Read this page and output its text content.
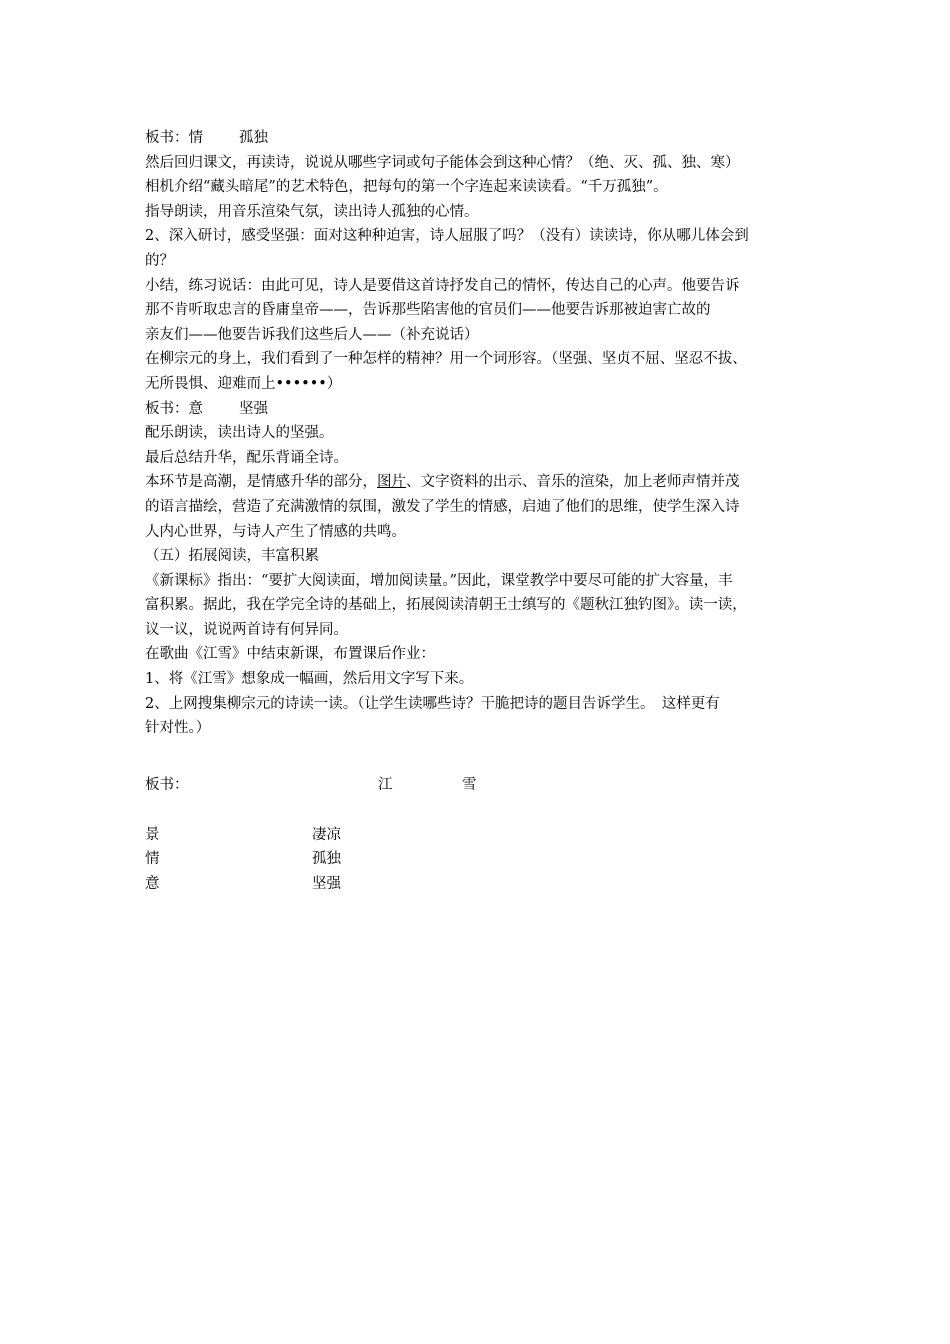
板书：情 孤独
然后回归课文，再读诗，说说从哪些字词或句子能体会到这种心情？（绝、灭、孤、独、寒）
相机介绍“藏头暗尾”的艺术特色，把每句的第一个字连起来读读看。“千万孤独”。
指导朗读，用音乐渲染气氛，读出诗人孤独的心情。
2、深入研讨，感受坚强：面对这种种迫害，诗人屈服了吗？（没有）读读诗，你从哪儿体会到
的？
小结，练习说话：由此可见，诗人是要借这首诗抒发自己的情怀，传达自己的心声。他要告诉
那不肯听取忠言的昏庸皇帝——，告诉那些陷害他的官员们——他要告诉那被迫害亡故的
亲友们——他要告诉我们这些后人——（补充说话）
在柳宗元的身上，我们看到了一种怎样的精神？用一个词形容。（坚强、坚贞不屈、坚忍不拔、
无所畏惧、迎难而上••••••）
板书：意 坚强
配乐朗读，读出诗人的坚强。
最后总结升华，配乐背诵全诗。
本环节是高潮，是情感升华的部分，图片、文字资料的出示、音乐的渲染，加上老师声情并茂
的语言描绘，营造了充满激情的氛围，激发了学生的情感，启迪了他们的思维，使学生深入诗
人内心世界，与诗人产生了情感的共鸣。
（五）拓展阅读，丰富积累
《新课标》指出：“要扩大阅读面，增加阅读量。”因此，课堂教学中要尽可能的扩大容量，丰
富积累。据此，我在学完全诗的基础上，拓展阅读清朝王士缜写的《题秋江独钓图》。读一读，
议一议，说说两首诗有何异同。
在歌曲《江雪》中结束新课，布置课后作业：
1、将《江雪》想象成一幅画，然后用文字写下来。
2、上网搜集柳宗元的诗读一读。（让学生读哪些诗？干脆把诗的题目告诉学生。　这样更有
针对性。）
板书：	江	雪
景	凄凉
情	孤独
意	坚强
